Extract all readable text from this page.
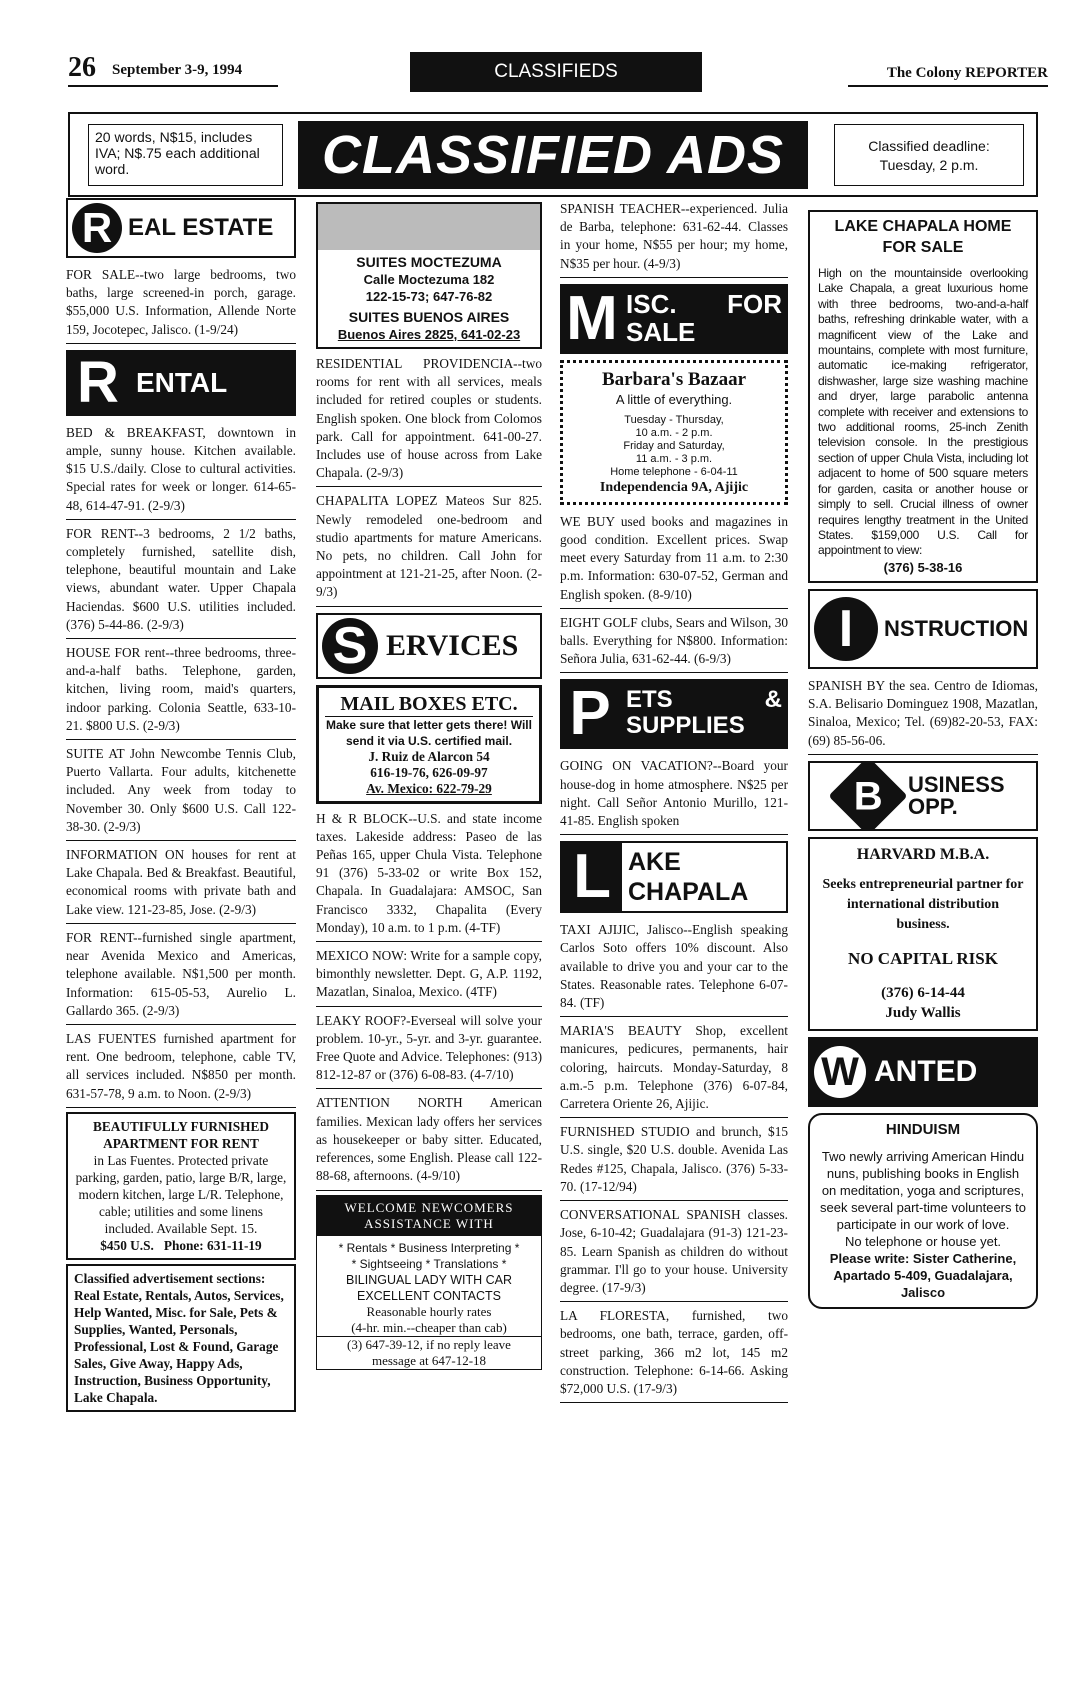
26 September 3-9, 1994	CLASSIFIEDS	The Colony REPORTER
20 words, N$15, includes IVA; N$.75 each additional word.	CLASSIFIED ADS	Classified deadline:
Tuesday, 2 p.m.
R EAL ESTATE
FOR SALE--two large bedrooms, two baths, large screened-in porch, garage. $55,000 U.S. Information, Allende Norte 159, Jocotepec, Jalisco. (1-9/24)
R ENTAL
BED & BREAKFAST, downtown in ample, sunny house. Kitchen available. $15 U.S./daily. Close to cultural activities. Special rates for week or longer. 614-65-48, 614-47-91. (2-9/3)
FOR RENT--3 bedrooms, 2 1/2 baths, completely furnished, satellite dish, telephone, beautiful mountain and Lake views, abundant water. Upper Chapala Haciendas. $600 U.S. utilities included. (376) 5-44-86. (2-9/3)
HOUSE FOR rent--three bedrooms, three-and-a-half baths. Telephone, garden, kitchen, living room, maid's quarters, indoor parking. Colonia Seattle, 633-10-21. $800 U.S. (2-9/3)
SUITE AT John Newcombe Tennis Club, Puerto Vallarta. Four adults, kitchenette included. Any week from today to November 30. Only $600 U.S. Call 122-38-30. (2-9/3)
INFORMATION ON houses for rent at Lake Chapala. Bed & Breakfast. Beautiful, economical rooms with private bath and Lake view. 121-23-85, Jose. (2-9/3)
FOR RENT--furnished single apartment, near Avenida Mexico and Americas, telephone available. N$1,500 per month. Information: 615-05-53, Aurelio L. Gallardo 365. (2-9/3)
LAS FUENTES furnished apartment for rent. One bedroom, telephone, cable TV, all services included. N$850 per month. 631-57-78, 9 a.m. to Noon. (2-9/3)
BEAUTIFULLY FURNISHED APARTMENT FOR RENT
in Las Fuentes. Protected private parking, garden, patio, large B/R, large, modern kitchen, large L/R. Telephone, cable; utilities and some linens included. Available Sept. 15.
$450 U.S. Phone: 631-11-19
Classified advertisement sections: Real Estate, Rentals, Autos, Services, Help Wanted, Misc. for Sale, Pets & Supplies, Wanted, Personals, Professional, Lost & Found, Garage Sales, Give Away, Happy Ads, Instruction, Business Opportunity, Lake Chapala.
SUITES MOCTEZUMA
Calle Moctezuma 182
122-15-73; 647-76-82
SUITES BUENOS AIRES
Buenos Aires 2825, 641-02-23
RESIDENTIAL PROVIDENCIA--two rooms for rent with all services, meals included for retired couples or students. English spoken. One block from Colomos park. Call for appointment. 641-00-27. Includes use of house across from Lake Chapala. (2-9/3)
CHAPALITA LOPEZ Mateos Sur 825. Newly remodeled one-bedroom and studio apartments for mature Americans. No pets, no children. Call John for appointment at 121-21-25, after Noon. (2-9/3)
S ERVICES
MAIL BOXES ETC.
Make sure that letter gets there! Will send it via U.S. certified mail.
J. Ruiz de Alarcon 54
616-19-76, 626-09-97
Av. Mexico: 622-79-29
H & R BLOCK--U.S. and state income taxes. Lakeside address: Paseo de las Peñas 165, upper Chula Vista. Telephone 91 (376) 5-33-02 or write Box 152, Chapala. In Guadalajara: AMSOC, San Francisco 3332, Chapalita (Every Monday), 10 a.m. to 1 p.m. (4-TF)
MEXICO NOW: Write for a sample copy, bimonthly newsletter. Dept. G, A.P. 1192, Mazatlan, Sinaloa, Mexico. (4TF)
LEAKY ROOF?-Everseal will solve your problem. 10-yr., 5-yr. and 3-yr. guarantee. Free Quote and Advice. Telephones: (913) 812-12-87 or (376) 6-08-83. (4-7/10)
ATTENTION NORTH American families. Mexican lady offers her services as housekeeper or baby sitter. Educated, references, some English. Please call 122-88-68, afternoons. (4-9/10)
WELCOME NEWCOMERS ASSISTANCE WITH
* Rentals * Business Interpreting *
* Sightseeing * Translations *
BILINGUAL LADY WITH CAR
EXCELLENT CONTACTS
Reasonable hourly rates
(4-hr. min.--cheaper than cab)
(3) 647-39-12, if no reply leave message at 647-12-18
SPANISH TEACHER--experienced. Julia de Barba, telephone: 631-62-44. Classes in your home, N$55 per hour; my home, N$35 per hour. (4-9/3)
M ISC. FOR SALE
Barbara's Bazaar
A little of everything.
Tuesday - Thursday,
10 a.m. - 2 p.m.
Friday and Saturday,
11 a.m. - 3 p.m.
Home telephone - 6-04-11
Independencia 9A, Ajijic
WE BUY used books and magazines in good condition. Excellent prices. Swap meet every Saturday from 11 a.m. to 2:30 p.m. Information: 630-07-52, German and English spoken. (8-9/10)
EIGHT GOLF clubs, Sears and Wilson, 30 balls. Everything for N$800. Information: Señora Julia, 631-62-44. (6-9/3)
P ETS & SUPPLIES
GOING ON VACATION?--Board your house-dog in home atmosphere. N$25 per night. Call Señor Antonio Murillo, 121-41-85. English spoken
L AKE CHAPALA
TAXI AJIJIC, Jalisco--English speaking Carlos Soto offers 10% discount. Also available to drive you and your car to the States. Reasonable rates. Telephone 6-07-84. (TF)
MARIA'S BEAUTY Shop, excellent manicures, pedicures, permanents, hair coloring, haircuts. Monday-Saturday, 8 a.m.-5 p.m. Telephone (376) 6-07-84, Carretera Oriente 26, Ajijic.
FURNISHED STUDIO and brunch, $15 U.S. single, $20 U.S. double. Avenida Las Redes #125, Chapala, Jalisco. (376) 5-33-70. (17-12/94)
CONVERSATIONAL SPANISH classes. Jose, 6-10-42; Guadalajara (91-3) 121-23-85. Learn Spanish as children do without grammar. I'll go to your house. University degree. (17-9/3)
LA FLORESTA, furnished, two bedrooms, one bath, terrace, garden, off-street parking, 366 m2 lot, 145 m2 construction. Telephone: 6-14-66. Asking $72,000 U.S. (17-9/3)
LAKE CHAPALA HOME FOR SALE
High on the mountainside overlooking Lake Chapala, a great luxurious home with three bedrooms, two-and-a-half baths, refreshing drinkable water, with a magnificent view of the Lake and mountains, complete with most furniture, automatic ice-making refrigerator, dishwasher, large size washing machine and dryer, large parabolic antenna complete with receiver and extensions to two additional rooms, 25-inch Zenith television console. In the prestigious section of upper Chula Vista, including lot adjacent to home of 500 square meters for garden, casita or another house or simply to sell. Crucial illness of owner requires lengthy treatment in the United States. $159,000 U.S. Call for appointment to view:
(376) 5-38-16
I	NSTRUCTION
SPANISH BY the sea. Centro de Idiomas, S.A. Belisario Dominguez 1908, Mazatlan, Sinaloa, Mexico; Tel. (69)82-20-53, FAX: (69) 85-56-06.
B USINESS OPP.
HARVARD M.B.A.
Seeks entrepreneurial partner for international distribution business.
NO CAPITAL RISK
(376) 6-14-44
Judy Wallis
W ANTED
HINDUISM
Two newly arriving American Hindu nuns, publishing books in English on meditation, yoga and scriptures, seek several part-time volunteers to participate in our work of love.
No telephone or house yet.
Please write: Sister Catherine, Apartado 5-409, Guadalajara, Jalisco
